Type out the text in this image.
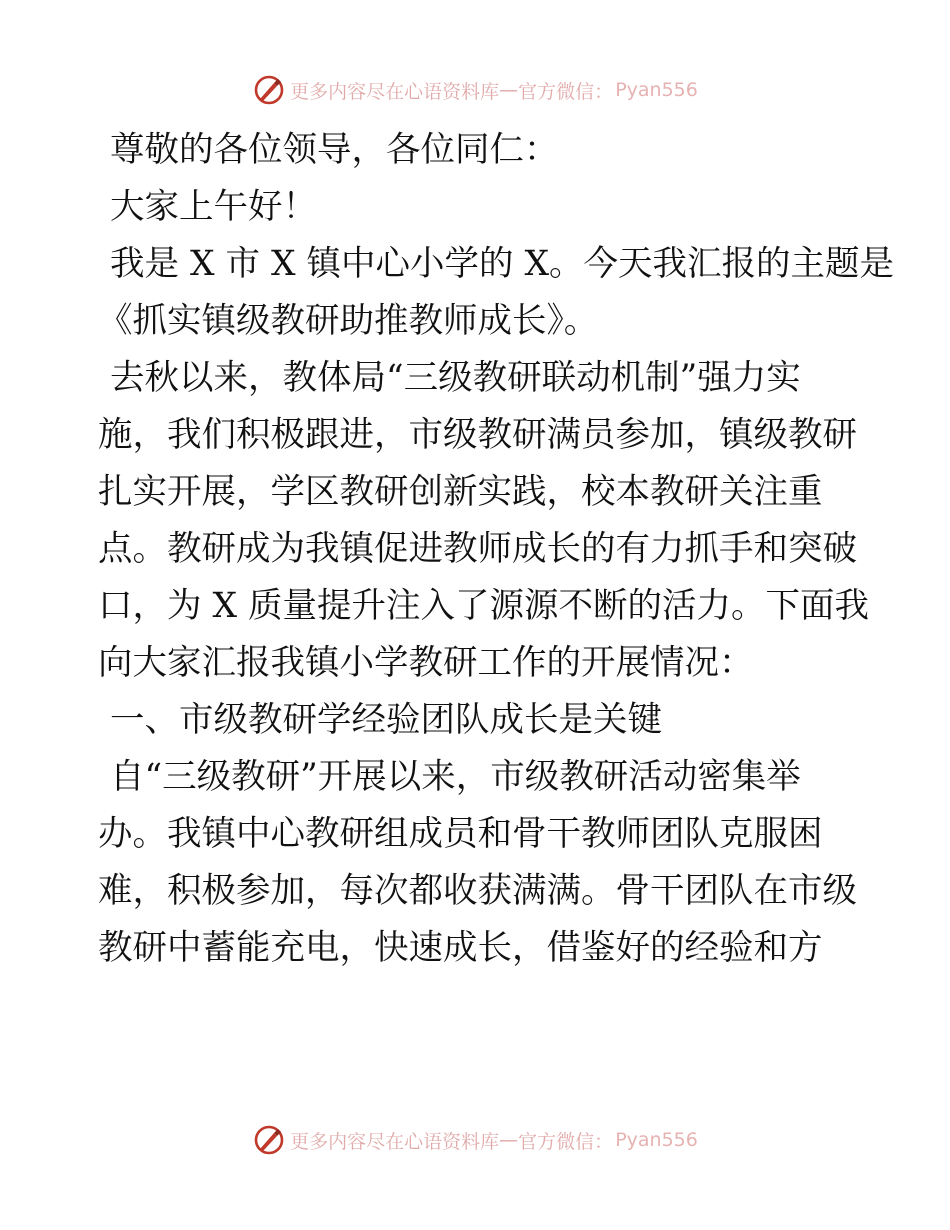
更多内容尽在心语资料库 — 官方微信： Pyan556
尊敬的各位领导，各位同仁：
大家上午好！
我是 X 市 X 镇中心小学的 X。今天我汇报的主题是
《抓实镇级教研助推教师成长》。
去秋以来，教体局“三级教研联动机制”强力实
施，我们积极跟进，市级教研满员参加，镇级教研
扎实开展，学区教研创新实践，校本教研关注重
点。教研成为我镇促进教师成长的有力抓手和突破
口，为 X 质量提升注入了源源不断的活力。下面我
向大家汇报我镇小学教研工作的开展情况：
一、市级教研学经验团队成长是关键
自“三级教研”开展以来，市级教研活动密集举
办。我镇中心教研组成员和骨干教师团队克服困
难，积极参加，每次都收获满满。骨干团队在市级
教研中蓄能充电，快速成长，借鉴好的经验和方
更多内容尽在心语资料库 — 官方微信： Pyan556
